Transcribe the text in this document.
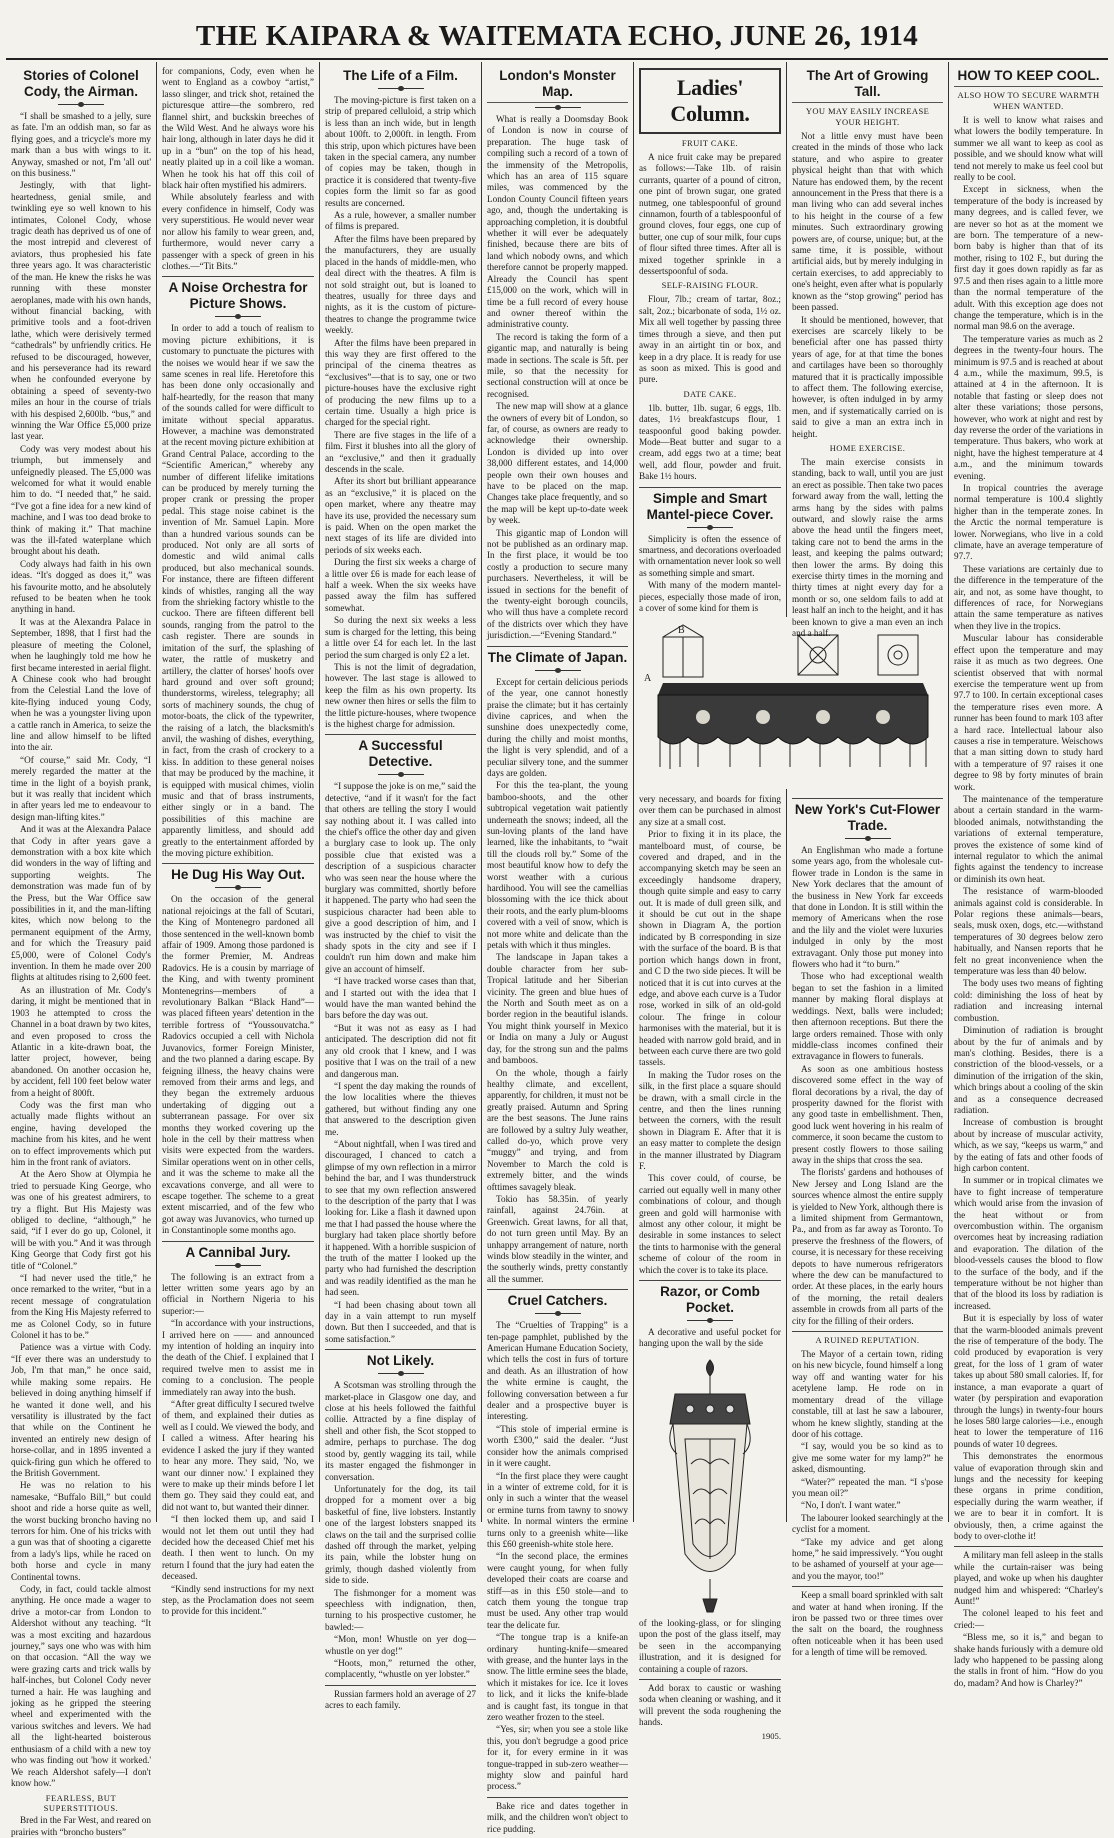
THE KAIPARA & WAITEMATA ECHO, JUNE 26, 1914
Stories of Colonel Cody, the Airman.

“I shall be smashed to a jelly, sure as fate. I'm an oddish man, so far as flying goes, and a tricycle's more my mark than a bus with wings to it. Anyway, smashed or not, I'm 'all out' on this business.”

Jestingly, with that light-heartedness, genial smile, and twinkling eye so well known to his intimates, Colonel Cody, whose tragic death has deprived us of one of the most intrepid and cleverest of aviators, thus prophesied his fate three years ago. It was characteristic of the man. He knew the risks he was running with these monster aeroplanes, made with his own hands, without financial backing, with primitive tools and a foot-driven lathe, which were derisively termed “cathedrals” by unfriendly critics. He refused to be discouraged, however, and his perseverance had its reward when he confounded everyone by obtaining a speed of seventy-two miles an hour in the course of trials with his despised 2,600lb. “bus,” and winning the War Office £5,000 prize last year.

Cody was very modest about his triumph, but immensely and unfeignedly pleased. The £5,000 was welcomed for what it would enable him to do. “I needed that,” he said. “I've got a fine idea for a new kind of machine, and I was too dead broke to think of making it.” That machine was the ill-fated waterplane which brought about his death.

Cody always had faith in his own ideas. “It's dogged as does it,” was his favourite motto, and he absolutely refused to be beaten when he took anything in hand.

It was at the Alexandra Palace in September, 1898, that I first had the pleasure of meeting the Colonel, when he laughingly told me how he first became interested in aerial flight. A Chinese cook who had brought from the Celestial Land the love of kite-flying induced young Cody, when he was a youngster living upon a cattle ranch in America, to seize the line and allow himself to be lifted into the air.

“Of course,” said Mr. Cody, “I merely regarded the matter at the time in the light of a boyish prank, but it was really that incident which in after years led me to endeavour to design man-lifting kites.”

And it was at the Alexandra Palace that Cody in after years gave a demonstration with a box kite which did wonders in the way of lifting and supporting weights. The demonstration was made fun of by the Press, but the War Office saw possibilities in it, and the man-lifting kites, which now belong to the permanent equipment of the Army, and for which the Treasury paid £5,000, were of Colonel Cody's invention. In them he made over 200 flights at altitudes rising to 2,600 feet.

As an illustration of Mr. Cody's daring, it might be mentioned that in 1903 he attempted to cross the Channel in a boat drawn by two kites, and even proposed to cross the Atlantic in a kite-drawn boat, the latter project, however, being abandoned. On another occasion he, by accident, fell 100 feet below water from a height of 800ft.

Cody was the first man who actually made flights without an engine, having developed the machine from his kites, and he went on to effect improvements which put him in the front rank of aviators.

At the Aero Show at Olympia he tried to persuade King George, who was one of his greatest admirers, to try a flight. But His Majesty was obliged to decline, “although,” he said, “if I ever do go up, Colonel, it will be with you.” And it was through King George that Cody first got his title of “Colonel.”

“I had never used the title,” he once remarked to the writer, “but in a recent message of congratulation from the King His Majesty referred to me as Colonel Cody, so in future Colonel it has to be.”

Patience was a virtue with Cody. “If ever there was an understudy to Job, I'm that man,” he once said, while making some repairs. He believed in doing anything himself if he wanted it done well, and his versatility is illustrated by the fact that while on the Continent he invented an entirely new design of horse-collar, and in 1895 invented a quick-firing gun which he offered to the British Government.

He was no relation to his namesake, “Buffalo Bill,” but could shoot and ride a horse quite as well, the worst bucking broncho having no terrors for him. One of his tricks with a gun was that of shooting a cigarette from a lady's lips, while he raced on both horse and cycle in many Continental towns.

Cody, in fact, could tackle almost anything. He once made a wager to drive a motor-car from London to Aldershot without any teaching. “It was a most exciting and hazardous journey,” says one who was with him on that occasion. “All the way we were grazing carts and trick walls by half-inches, but Colonel Cody never turned a hair. He was laughing and joking as he gripped the steering wheel and experimented with the various switches and levers. We had all the light-hearted boisterous enthusiasm of a child with a new toy who was finding out 'how it worked.' We reach Aldershot safely—I don't know how.”

FEARLESS, BUT SUPERSTITIOUS.

Bred in the Far West, and reared on prairies with “broncho busters”

for companions, Cody, even when he went to England as a cowboy “artist,” lasso slinger, and trick shot, retained the picturesque attire—the sombrero, red flannel shirt, and buckskin breeches of the Wild West. And he always wore his hair long, although in later days he did it up in a “bun” on the top of his head, neatly plaited up in a coil like a woman. When he took his hat off this coil of black hair often mystified his admirers.

While absolutely fearless and with every confidence in himself, Cody was very superstitious. He would never wear nor allow his family to wear green, and, furthermore, would never carry a passenger with a speck of green in his clothes.—“Tit Bits.”

A Noise Orchestra for Picture Shows.

In order to add a touch of realism to moving picture exhibitions, it is customary to punctuate the pictures with the noises we would hear if we saw the same scenes in real life. Heretofore this has been done only occasionally and half-heartedly, for the reason that many of the sounds called for were difficult to imitate without special apparatus. However, a machine was demonstrated at the recent moving picture exhibition at Grand Central Palace, according to the “Scientific American,” whereby any number of different lifelike imitations can be produced by merely turning the proper crank or pressing the proper pedal. This stage noise cabinet is the invention of Mr. Samuel Lapin. More than a hundred various sounds can be produced. Not only are all sorts of domestic and wild animal calls produced, but also mechanical sounds. For instance, there are fifteen different kinds of whistles, ranging all the way from the shrieking factory whistle to the cuckoo. There are fifteen different bell sounds, ranging from the patrol to the cash register. There are sounds in imitation of the surf, the splashing of water, the rattle of musketry and artillery, the clatter of horses' hoofs over hard ground and over soft ground; thunderstorms, wireless, telegraphy; all sorts of machinery sounds, the chug of motor-boats, the click of the typewriter, the raising of a latch, the blacksmith's anvil, the washing of dishes, everything, in fact, from the crash of crockery to a kiss. In addition to these general noises that may be produced by the machine, it is equipped with musical chimes, violin music and that of brass instruments, either singly or in a band. The possibilities of this machine are apparently limitless, and should add greatly to the entertainment afforded by the moving picture exhibition.

He Dug His Way Out.

On the occasion of the general national rejoicings at the fall of Scutari, the King of Montenegro pardoned all those sentenced in the well-known bomb affair of 1909. Among those pardoned is the former Premier, M. Andreas Radovics. He is a cousin by marriage of the King, and with twenty prominent Montenegrins—members of a revolutionary Balkan “Black Hand”—was placed fifteen years' detention in the terrible fortress of “Youssouvatcha.” Radovics occupied a cell with Nichola Juvanovics, former Foreign Minister, and the two planned a daring escape. By feigning illness, the heavy chains were removed from their arms and legs, and they began the extremely arduous undertaking of digging out a subterranean passage. For over six months they worked covering up the hole in the cell by their mattress when visits were expected from the warders. Similar operations went on in other cells, and it was the scheme to make all the excavations converge, and all were to escape together. The scheme to a great extent miscarried, and of the few who got away was Juvanovics, who turned up in Constantinople some months ago.

A Cannibal Jury.

The following is an extract from a letter written some years ago by an official in Northern Nigeria to his superior:—

“In accordance with your instructions, I arrived here on —— and announced my intention of holding an inquiry into the death of the Chief. I explained that I required twelve men to assist me in coming to a conclusion. The people immediately ran away into the bush.

“After great difficulty I secured twelve of them, and explained their duties as well as I could. We viewed the body, and I called a witness. After hearing his evidence I asked the jury if they wanted to hear any more. They said, 'No, we want our dinner now.' I explained they were to make up their minds before I let them go. They said they could eat, and did not want to, but wanted their dinner.

“I then locked them up, and said I would not let them out until they had decided how the deceased Chief met his death. I then went to lunch. On my return I found that the jury had eaten the deceased.

“Kindly send instructions for my next step, as the Proclamation does not seem to provide for this incident.”

The Life of a Film.

The moving-picture is first taken on a strip of prepared celluloid, a strip which is less than an inch wide, but in length about 100ft. to 2,000ft. in length. From this strip, upon which pictures have been taken in the special camera, any number of copies may be taken, though in practice it is considered that twenty-five copies form the limit so far as good results are concerned.

As a rule, however, a smaller number of films is prepared.

After the films have been prepared by the manufacturers, they are usually placed in the hands of middle-men, who deal direct with the theatres. A film is not sold straight out, but is loaned to theatres, usually for three days and nights, as it is the custom of picture-theatres to change the programme twice weekly.

After the films have been prepared in this way they are first offered to the principal of the cinema theatres as “exclusives”—that is to say, one or two picture-houses have the exclusive right of producing the new films up to a certain time. Usually a high price is charged for the special right.

There are five stages in the life of a film. First it blushes into all the glory of an “exclusive,” and then it gradually descends in the scale.

After its short but brilliant appearance as an “exclusive,” it is placed on the open market, where any theatre may have its use, provided the necessary sum is paid. When on the open market the next stages of its life are divided into periods of six weeks each.

During the first six weeks a charge of a little over £6 is made for each lease of half a week. When the six weeks have passed away the film has suffered somewhat.

So during the next six weeks a less sum is charged for the letting, this being a little over £4 for each let. In the last period the sum charged is only £2 a let.

This is not the limit of degradation, however. The last stage is allowed to keep the film as his own property. Its new owner then hires or sells the film to the little picture-houses, where twopence is the highest charge for admission.

A Successful Detective.

“I suppose the joke is on me,” said the detective, “and if it wasn't for the fact that others are telling the story I would say nothing about it. I was called into the chief's office the other day and given a burglary case to look up. The only possible clue that existed was a description of a suspicious character who was seen near the house where the burglary was committed, shortly before it happened. The party who had seen the suspicious character had been able to give a good description of him, and I was instructed by the chief to visit the shady spots in the city and see if I couldn't run him down and make him give an account of himself.

“I have tracked worse cases than that, and I started out with the idea that I would have the man wanted behind the bars before the day was out.

“But it was not as easy as I had anticipated. The description did not fit any old crook that I knew, and I was positive that I was on the trail of a new and dangerous man.

“I spent the day making the rounds of the low localities where the thieves gathered, but without finding any one that answered to the description given me.

“About nightfall, when I was tired and discouraged, I chanced to catch a glimpse of my own reflection in a mirror behind the bar, and I was thunderstruck to see that my own reflection answered to the description of the party that I was looking for. Like a flash it dawned upon me that I had passed the house where the burglary had taken place shortly before it happened. With a horrible suspicion of the truth of the matter I looked up the party who had furnished the description and was readily identified as the man he had seen.

“I had been chasing about town all day in a vain attempt to run myself down. But then I succeeded, and that is some satisfaction.”

Not Likely.

A Scotsman was strolling through the market-place in Glasgow one day, and close at his heels followed the faithful collie. Attracted by a fine display of shell and other fish, the Scot stopped to admire, perhaps to purchase. The dog stood by, gently wagging its tail, while its master engaged the fishmonger in conversation.

Unfortunately for the dog, its tail dropped for a moment over a big basketful of fine, live lobsters. Instantly one of the largest lobsters snapped its claws on the tail and the surprised collie dashed off through the market, yelping its pain, while the lobster hung on grimly, though dashed violently from side to side.

The fishmonger for a moment was speechless with indignation, then, turning to his prospective customer, he bawled:—

“Mon, mon! Whustle on yer dog—whustle on yer dog!”

“Hoots, mon,” returned the other, complacently, “whustle on yer lobster.”

Russian farmers hold an average of 27 acres to each family.

London's Monster Map.

What is really a Doomsday Book of London is now in course of preparation. The huge task of compiling such a record of a town of the immensity of the Metropolis, which has an area of 115 square miles, was commenced by the London County Council fifteen years ago, and, though the undertaking is approaching completion, it is doubtful whether it will ever be adequately finished, because there are bits of land which nobody owns, and which therefore cannot be properly mapped. Already the Council has spent £15,000 on the work, which will in time be a full record of every house and owner thereof within the administrative county.

The record is taking the form of a gigantic map, and naturally is being made in sections. The scale is 5ft. per mile, so that the necessity for sectional construction will at once be recognised.

The new map will show at a glance the owners of every bit of London, so far, of course, as owners are ready to acknowledge their ownership. London is divided up into over 38,000 different estates, and 14,000 people own their own houses and have to be placed on the map. Changes take place frequently, and so the map will be kept up-to-date week by week.

This gigantic map of London will not be published as an ordinary map. In the first place, it would be too costly a production to secure many purchasers. Nevertheless, it will be issued in sections for the benefit of the twenty-eight borough councils, who will thus have a complete record of the districts over which they have jurisdiction.—“Evening Standard.”

The Climate of Japan.

Except for certain delicious periods of the year, one cannot honestly praise the climate; but it has certainly divine caprices, and when the sunshine does unexpectedly come, during the chilly and moist months, the light is very splendid, and of a peculiar silvery tone, and the summer days are golden.

For this the tea-plant, the young bamboo-shoots, and the other subtropical vegetation wait patiently underneath the snows; indeed, all the sun-loving plants of the land have learned, like the inhabitants, to “wait till the clouds roll by.” Some of the most beautiful know how to defy the worst weather with a curious hardihood. You will see the camellias blossoming with the ice thick about their roots, and the early plum-blooms covered with a veil of snow, which is not more white and delicate than the petals with which it thus mingles.

The landscape in Japan takes a double character from her sub-Tropical latitude and her Siberian vicinity. The green and blue hues of the North and South meet as on a border region in the beautiful islands. You might think yourself in Mexico or India on many a July or August day, for the strong sun and the palms and bamboos.

On the whole, though a fairly healthy climate, and excellent, apparently, for children, it must not be greatly praised. Autumn and Spring are the best seasons. The June rains are followed by a sultry July weather, called do-yo, which prove very “muggy” and trying, and from November to March the cold is extremely bitter, and the winds ofttimes savagely bleak.

Tokio has 58.35in. of yearly rainfall, against 24.76in. at Greenwich. Great lawns, for all that, do not turn green until May. By an unhappy arrangement of nature, north winds blow steadily in the winter, and the southerly winds, pretty constantly all the summer.

Cruel Catchers.

The “Cruelties of Trapping” is a ten-page pamphlet, published by the American Humane Education Society, which tells the cost in furs of torture and death. As an illustration of how the white ermine is caught, the following conversation between a fur dealer and a prospective buyer is interesting.

“This stole of imperial ermine is worth £300,” said the dealer. “Just consider how the animals comprised in it were caught.

“In the first place they were caught in a winter of extreme cold, for it is only in such a winter that the weasel or ermine turns from tawny to snowy white. In normal winters the ermine turns only to a greenish white—like this £60 greenish-white stole here.

“In the second place, the ermines were caught young, for when fully developed their coats are coarse and stiff—as in this £50 stole—and to catch them young the tongue trap must be used. Any other trap would tear the delicate fur.

“The tongue trap is a knife-an ordinary hunting-knife—smeared with grease, and the hunter lays in the snow. The little ermine sees the blade, which it mistakes for ice. Ice it loves to lick, and it licks the knife-blade and is caught fast, its tongue in that zero weather frozen to the steel.

“Yes, sir; when you see a stole like this, you don't begrudge a good price for it, for every ermine in it was tongue-trapped in sub-zero weather—mighty slow and painful hard process.”

Bake rice and dates together in milk, and the children won't object to rice pudding.

Ladies' Column.
FRUIT CAKE.

A nice fruit cake may be prepared as follows:—Take 1lb. of raisin currants, quarter of a pound of citron, one pint of brown sugar, one grated nutmeg, one tablespoonful of ground cinnamon, fourth of a tablespoonful of ground cloves, four eggs, one cup of butter, one cup of sour milk, four cups of flour sifted three times. After all is mixed together sprinkle in a dessertspoonful of soda.

SELF-RAISING FLOUR.

Flour, 7lb.; cream of tartar, 8oz.; salt, 2oz.; bicarbonate of soda, 1½ oz. Mix all well together by passing three times through a sieve, and then put away in an airtight tin or box, and keep in a dry place. It is ready for use as soon as mixed. This is good and pure.

DATE CAKE.

1lb. butter, 1lb. sugar, 6 eggs, 1lb. dates, 1½ breakfastcups flour, 1 teaspoonful good baking powder. Mode—Beat butter and sugar to a cream, add eggs two at a time; beat well, add flour, powder and fruit. Bake 1½ hours.

Simple and Smart Mantel-piece Cover.

Simplicity is often the essence of smartness, and decorations overloaded with ornamentation never look so well as something simple and smart.

With many of the modern mantel-pieces, especially those made of iron, a cover of some kind for them is

B
A

very necessary, and boards for fixing over them can be purchased in almost any size at a small cost.

Prior to fixing it in its place, the mantelboard must, of course, be covered and draped, and in the accompanying sketch may be seen an exceedingly handsome drapery, though quite simple and easy to carry out. It is made of dull green silk, and it should be cut out in the shape shown in Diagram A, the portion indicated by B corresponding in size with the surface of the board. B is that portion which hangs down in front, and C D the two side pieces. It will be noticed that it is cut into curves at the edge, and above each curve is a Tudor rose, worked in silk of an old-gold colour. The fringe in colour harmonises with the material, but it is headed with narrow gold braid, and in between each curve there are two gold tassels.

In making the Tudor roses on the silk, in the first place a square should be drawn, with a small circle in the centre, and then the lines running between the corners, with the result shown in Diagram E. After that it is an easy matter to complete the design in the manner illustrated by Diagram F.

This cover could, of course, be carried out equally well in many other combinations of colour, and though green and gold will harmonise with almost any other colour, it might be desirable in some instances to select the tints to harmonise with the general scheme of colour of the room in which the cover is to take its place.

Razor, or Comb Pocket.

A decorative and useful pocket for hanging upon the wall by the side

of the looking-glass, or for slinging upon the post of the glass itself, may be seen in the accompanying illustration, and it is designed for containing a couple of razors.

Add borax to caustic or washing soda when cleaning or washing, and it will prevent the soda roughening the hands.

1905.
The Art of Growing Tall.
YOU MAY EASILY INCREASE YOUR HEIGHT.

Not a little envy must have been created in the minds of those who lack stature, and who aspire to greater physical height than that with which Nature has endowed them, by the recent announcement in the Press that there is a man living who can add several inches to his height in the course of a few minutes. Such extraordinary growing powers are, of course, unique; but, at the same time, it is possible, without artificial aids, but by merely indulging in certain exercises, to add appreciably to one's height, even after what is popularly known as the “stop growing” period has been passed.

It should be mentioned, however, that exercises are scarcely likely to be beneficial after one has passed thirty years of age, for at that time the bones and cartilages have been so thoroughly matured that it is practically impossible to affect them. The following exercise, however, is often indulged in by army men, and if systematically carried on is said to give a man an extra inch in height.

HOME EXERCISE.

The main exercise consists in standing, back to wall, until you are just an erect as possible. Then take two paces forward away from the wall, letting the arms hang by the sides with palms outward, and slowly raise the arms above the head until the fingers meet, taking care not to bend the arms in the least, and keeping the palms outward; then lower the arms. By doing this exercise thirty times in the morning and thirty times at night every day for a month or so, one seldom fails to add at least half an inch to the height, and it has been known to give a man even an inch and a half.

New York's Cut-Flower Trade.

An Englishman who made a fortune some years ago, from the wholesale cut-flower trade in London is the same in New York declares that the amount of the business in New York far exceeds that done in London. It is still within the memory of Americans when the rose and the lily and the violet were luxuries indulged in only by the most extravagant. Only those put money into flowers who had it “to burn.”

Those who had exceptional wealth began to set the fashion in a limited manner by making floral displays at weddings. Next, balls were included; then afternoon receptions. But there the large orders remained. Those with only middle-class incomes confined their extravagance in flowers to funerals.

As soon as one ambitious hostess discovered some effect in the way of floral decorations by a rival, the day of prosperity dawned for the florist with any good taste in embellishment. Then, good luck went hovering in his realm of commerce, it soon became the custom to present costly flowers to those sailing away in the ships that cross the sea.

The florists' gardens and hothouses of New Jersey and Long Island are the sources whence almost the entire supply is yielded to New York, although there is a limited shipment from Germantown, Pa., and from as far away as Toronto. To preserve the freshness of the flowers, of course, it is necessary for these receiving depots to have numerous refrigerators where the dew can be manufactured to order. At these places, in the early hours of the morning, the retail dealers assemble in crowds from all parts of the city for the filling of their orders.

A RUINED REPUTATION.

The Mayor of a certain town, riding on his new bicycle, found himself a long way off and wanting water for his acetylene lamp. He rode on in momentary dread of the village constable, till at last he saw a labourer, whom he knew slightly, standing at the door of his cottage.

“I say, would you be so kind as to give me some water for my lamp?” he asked, dismounting.

“Water?” repeated the man. “I s'pose you mean oil?”

“No, I don't. I want water.”

The labourer looked searchingly at the cyclist for a moment.

“Take my advice and get along home,” he said impressively. “You ought to be ashamed of yourself at your age—and you the mayor, too!”

Keep a small board sprinkled with salt and water at hand when ironing. If the iron be passed two or three times over the salt on the board, the roughness often noticeable when it has been used for a length of time will be removed.

HOW TO KEEP COOL.
ALSO HOW TO SECURE WARMTH WHEN WANTED.

It is well to know what raises and what lowers the bodily temperature. In summer we all want to keep as cool as possible, and we should know what will tend not merely to make us feel cool but really to be cool.

Except in sickness, when the temperature of the body is increased by many degrees, and is called fever, we are never so hot as at the moment we are born. The temperature of a new-born baby is higher than that of its mother, rising to 102 F., but during the first day it goes down rapidly as far as 97.5 and then rises again to a little more than the normal temperature of the adult. With this exception age does not change the temperature, which is in the normal man 98.6 on the average.

The temperature varies as much as 2 degrees in the twenty-four hours. The minimum is 97.5 and is reached at about 4 a.m., while the maximum, 99.5, is attained at 4 in the afternoon. It is notable that fasting or sleep does not alter these variations; those persons, however, who work at night and rest by day reverse the order of the variations in temperature. Thus bakers, who work at night, have the highest temperature at 4 a.m., and the minimum towards evening.

In tropical countries the average normal temperature is 100.4 slightly higher than in the temperate zones. In the Arctic the normal temperature is lower. Norwegians, who live in a cold climate, have an average temperature of 97.7.

These variations are certainly due to the difference in the temperature of the air, and not, as some have thought, to differences of race, for Norwegians attain the same temperature as natives when they live in the tropics.

Muscular labour has considerable effect upon the temperature and may raise it as much as two degrees. One scientist observed that with normal exercise the temperature went up from 97.7 to 100. In certain exceptional cases the temperature rises even more. A runner has been found to mark 103 after a hard race. Intellectual labour also causes a rise in temperature. Weischows that a man sitting down to study hard with a temperature of 97 raises it one degree to 98 by forty minutes of brain work.

The maintenance of the temperature about a certain standard in the warm-blooded animals, notwithstanding the variations of external temperature, proves the existence of some kind of internal regulator to which the animal fights against the tendency to increase or diminish its own heat.

The resistance of warm-blooded animals against cold is considerable. In Polar regions these animals—bears, seals, musk oxen, dogs, etc.—withstand temperatures of 30 degrees below zero habitually, and Nansen reports that he felt no great inconvenience when the temperature was less than 40 below.

The body uses two means of fighting cold: diminishing the loss of heat by radiation and increasing internal combustion.

Diminution of radiation is brought about by the fur of animals and by man's clothing. Besides, there is a constriction of the blood-vessels, or a diminution of the irrigation of the skin, which brings about a cooling of the skin and as a consequence decreased radiation.

Increase of combustion is brought about by increase of muscular activity, which, as we say, “keeps us warm,” and by the eating of fats and other foods of high carbon content.

In summer or in tropical climates we have to fight increase of temperature which would arise from the invasion of the heat without or from overcombustion within. The organism overcomes heat by increasing radiation and evaporation. The dilation of the blood-vessels causes the blood to flow to the surface of the body, and if the temperature without be not higher than that of the blood its loss by radiation is increased.

But it is especially by loss of water that the warm-blooded animals prevent the rise of temperature of the body. The cold produced by evaporation is very great, for the loss of 1 gram of water takes up about 580 small calories. If, for instance, a man evaporate a quart of water (by perspiration and evaporation through the lungs) in twenty-four hours he loses 580 large calories—i.e., enough heat to lower the temperature of 116 pounds of water 10 degrees.

This demonstrates the enormous value of evaporation through skin and lungs and the necessity for keeping these organs in prime condition, especially during the warm weather, if we are to bear it in comfort. It is obviously, then, a crime against the body to over-clothe it!

A military man fell asleep in the stalls while the curtain-raiser was being played, and woke up when his daughter nudged him and whispered: “Charley's Aunt!”

The colonel leaped to his feet and cried:—

“Bless me, so it is,” and began to shake hands furiously with a demure old lady who happened to be passing along the stalls in front of him. “How do you do, madam? And how is Charley?”
